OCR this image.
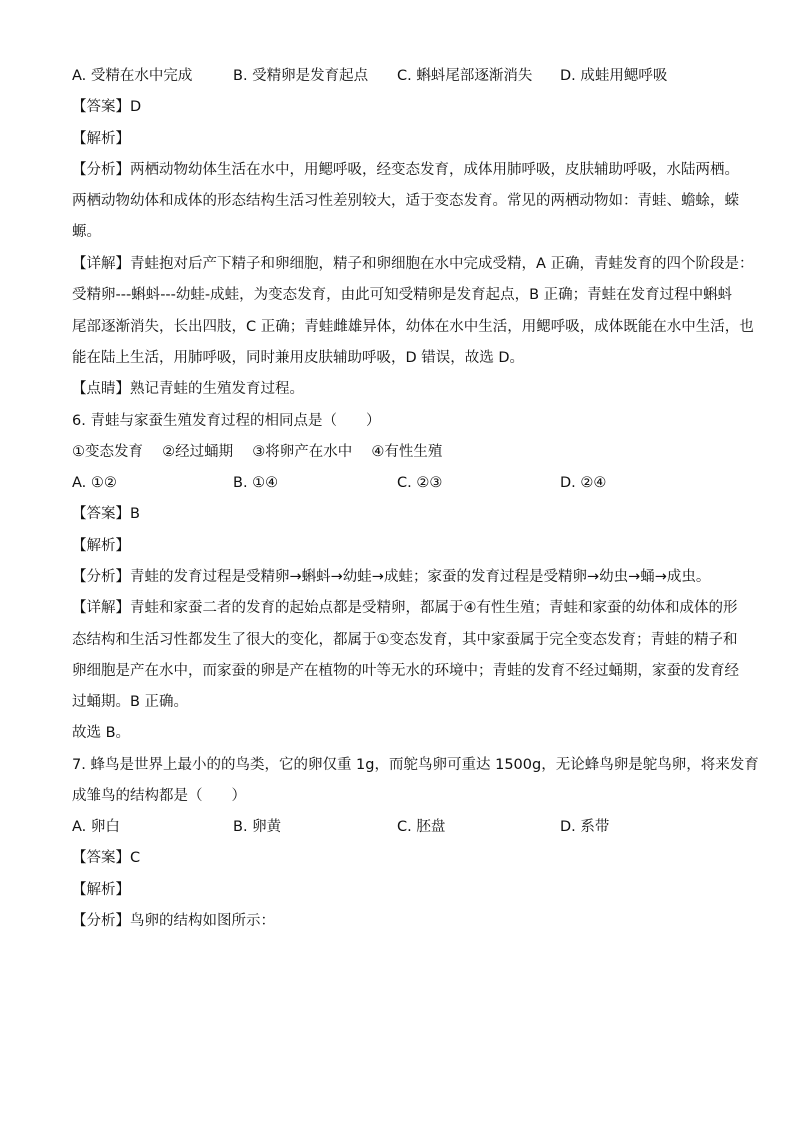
A. 受精在水中完成	B. 受精卵是发育起点 C. 蝌蚪尾部逐渐消失 D. 成蛙用鳃呼吸
【答案】D
【解析】
【分析】两栖动物幼体生活在水中，用鳃呼吸，经变态发育，成体用肺呼吸，皮肤辅助呼吸，水陆两栖。
两栖动物幼体和成体的形态结构生活习性差别较大，适于变态发育。常见的两栖动物如：青蛙、蟾蜍，蝾
螈。
【详解】青蛙抱对后产下精子和卵细胞，精子和卵细胞在水中完成受精，A 正确，青蛙发育的四个阶段是：
受精卵---蝌蚪---幼蛙-成蛙，为变态发育，由此可知受精卵是发育起点，B 正确；青蛙在发育过程中蝌蚪
尾部逐渐消失，长出四肢，C 正确；青蛙雌雄异体，幼体在水中生活，用鳃呼吸，成体既能在水中生活，也
能在陆上生活，用肺呼吸，同时兼用皮肤辅助呼吸，D 错误，故选 D。
【点睛】熟记青蛙的生殖发育过程。
6. 青蛙与家蚕生殖发育过程的相同点是（　　）
①变态发育　 ②经过蛹期　 ③将卵产在水中　 ④有性生殖
A. ①②	B. ①④	C. ②③	D. ②④
【答案】B
【解析】
【分析】青蛙的发育过程是受精卵→蝌蚪→幼蛙→成蛙；家蚕的发育过程是受精卵→幼虫→蛹→成虫。
【详解】青蛙和家蚕二者的发育的起始点都是受精卵，都属于④有性生殖；青蛙和家蚕的幼体和成体的形
态结构和生活习性都发生了很大的变化，都属于①变态发育，其中家蚕属于完全变态发育；青蛙的精子和
卵细胞是产在水中，而家蚕的卵是产在植物的叶等无水的环境中；青蛙的发育不经过蛹期，家蚕的发育经
过蛹期。B 正确。
故选 B。
7. 蜂鸟是世界上最小的的鸟类，它的卵仅重 1g，而鸵鸟卵可重达 1500g，无论蜂鸟卵是鸵鸟卵，将来发育
成雏鸟的结构都是（　　）
A. 卵白	B. 卵黄	C. 胚盘	D. 系带
【答案】C
【解析】
【分析】鸟卵的结构如图所示：
